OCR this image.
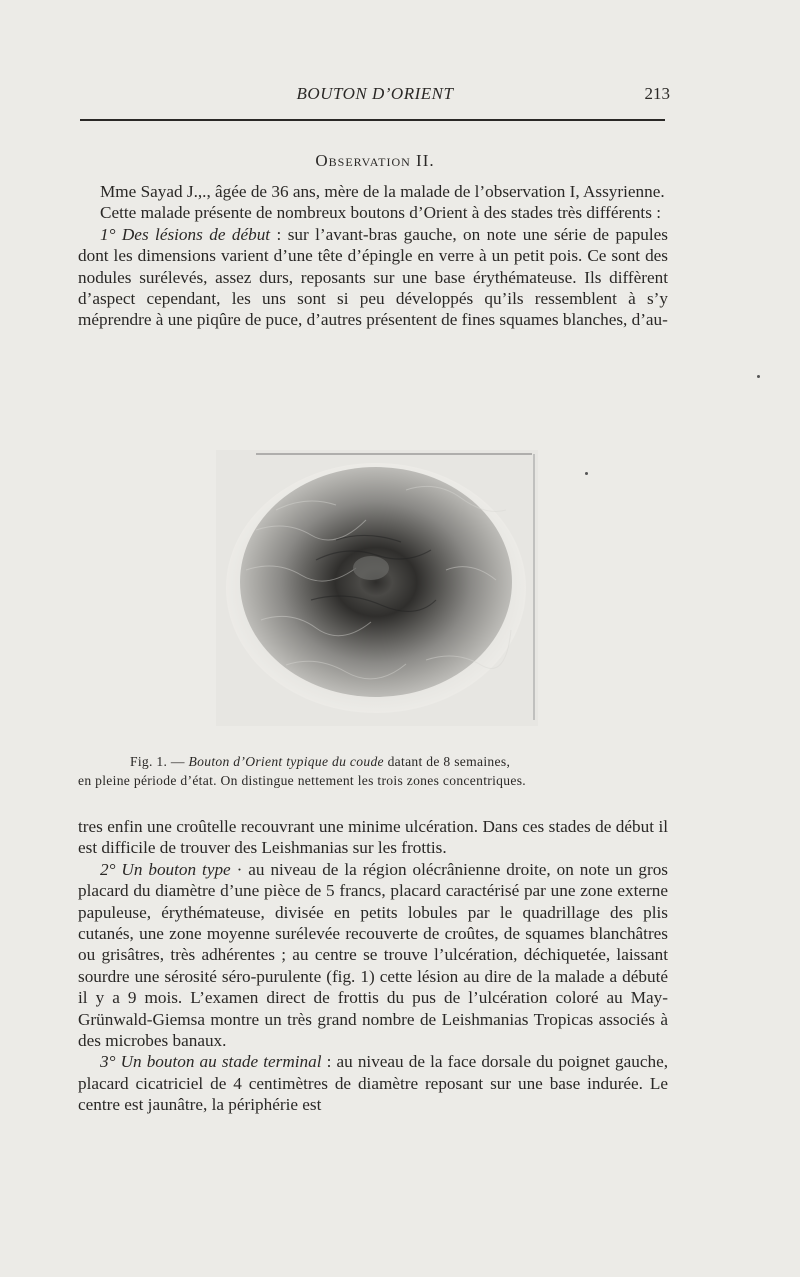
BOUTON D’ORIENT	213
Observation II.

Mme Sayad J.,., âgée de 36 ans, mère de la malade de l’observation I, Assyrienne.

Cette malade présente de nombreux boutons d’Orient à des stades très différents :

1° Des lésions de début : sur l’avant-bras gauche, on note une série de papules dont les dimensions varient d’une tête d’épingle en verre à un petit pois. Ce sont des nodules surélevés, assez durs, reposants sur une base érythémateuse. Ils diffèrent d’aspect cependant, les uns sont si peu développés qu’ils ressemblent à s’y méprendre à une piqûre de puce, d’autres présentent de fines squames blanches, d’au-

Fig. 1. — Bouton d’Orient typique du coude datant de 8 semaines,
en pleine période d’état. On distingue nettement les trois zones concentriques.

tres enfin une croûtelle recouvrant une minime ulcération. Dans ces stades de début il est difficile de trouver des Leishmanias sur les frottis.

2° Un bouton type · au niveau de la région olécrânienne droite, on note un gros placard du diamètre d’une pièce de 5 francs, placard caractérisé par une zone externe papuleuse, érythémateuse, divisée en petits lobules par le quadrillage des plis cutanés, une zone moyenne surélevée recouverte de croûtes, de squames blanchâtres ou grisâtres, très adhérentes ; au centre se trouve l’ulcération, déchiquetée, laissant sourdre une sérosité séro-purulente (fig. 1) cette lésion au dire de la malade a débuté il y a 9 mois. L’examen direct de frottis du pus de l’ulcération coloré au May-Grünwald-Giemsa montre un très grand nombre de Leishmanias Tropicas associés à des microbes banaux.

3° Un bouton au stade terminal : au niveau de la face dorsale du poignet gauche, placard cicatriciel de 4 centimètres de diamètre reposant sur une base indurée. Le centre est jaunâtre, la périphérie est
